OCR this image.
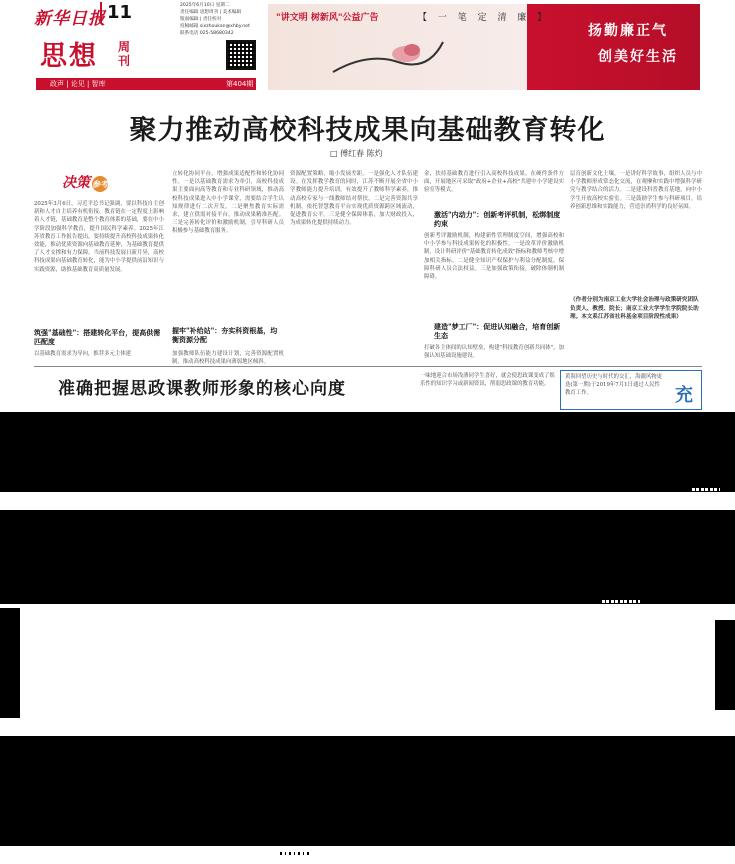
新华日报 11	2025年6月10日 星期二
责任编辑 思想周刊 | 美术编辑
版面编辑 | 责任校对
投稿邮箱 sixzhoukan@xhby.net
联系电话 025-58680342
思想 周刊
政声 | 论见 | 智库	第404期
"讲文明 树新风"公益广告	【 一 笔 定 清 廉 】
扬勤廉正气
创美好生活
聚力推动高校科技成果向基础教育转化
□ 傅红春 陈灼
决策 参考

2025年3月6日，习近平总书记强调，要以科技自主创新和人才自主培养有机衔接，教育链在一定程度上影响着人才链，基础教育是整个教育体系的基础，要在中小学阶段加强科学教育，提升国民科学素养。2025年江苏省教育工作报告提出，要持续提升高校科技成果转化效能，推动优质资源向基础教育延伸，为基础教育提供了人才支撑和有力保障。当前科技发展日新月异，高校科技成果向基础教育转化，能为中小学提供前沿知识与实践资源，助推基础教育高质量发展。

筑强"基础性"：搭建转化平台，提高供需匹配度
以基础教育需求为导向，推荐多元主体建

立转化协同平台，增强成果适配性和转化协同性。一是以基础教育需求为牵引，高校科技成果主要面向高等教育和专业科研领域，推动高校科技成果进入中小学课堂，需要结合学生认知规律进行二次开发。二是聚焦教育实际需求，建立供需对接平台，推动成果精准匹配。三是完善转化评价和激励机制，引导科研人员积极参与基础教育服务。

握牢"补给站"：夯实科资根基，均衡资源分配
加强教师队伍能力建设计划，完善资源配置机制，推动高校科技成果向薄弱地区倾斜。

资源配置策略，缩小发展差距。一是强化人才队伍建设。在发挥教学教育的同时，江苏不断开展全省中小学教师能力提升培训，有效提升了教师科学素养，推动高校专家与一线教师结对帮扶。二是完善资源共享机制，依托智慧教育平台实现优质资源跨区域流动，促进教育公平。三是健全保障体系，加大财政投入，为成果转化提供持续动力。

金，扶持基础教育进行引入高校科技成果。在硬件条件方面，开展地区可采取"政府+企业+高校"共建中小学建设实验室等模式。
激活"内动力"：创新考评机制，松绑制度约束
创新考评激励机制，构建新性管理制度空间，增强高校和中小学参与科技成果转化的积极性。一是改革评价激励机制，设计科研评价"基础教育转化成效"指标和教师考核中增加相关指标。二是健全知识产权保护与利益分配制度，保障科研人员合法权益。三是加强政策衔接，破除体制机制障碍。
建造"梦工厂"：促进认知融合，培育创新生态
打破各主体间的认知壁垒，构建"科技教育创新共同体"，加强认知基础设施建设。

层育创新文化土壤。一是讲好科学故事，组织人员与中小学教师形成常态化交流，在观摩和实践中增强科学研究与教学结合的活力。二是建设科普教育基地，向中小学生开放高校实验室。三是鼓励学生参与科研项目，培养创新思维和实践能力，营造崇尚科学的良好氛围。

（作者分别为南京工业大学社会治理与政策研究团队负责人、教授、院长；南京工业大学学生学院院长助理。本文系江苏省社科基金项目阶段性成果）
准确把握思政课教师形象的核心向度
一味地迎合市场浅薄同学生喜好，就会使思政课变成了娱乐性的知识学习或新闻资讯，削弱思政课的教育功能。
黄海回望历史与时代的交汇，海疆风物更迭(第一期)于2019年7月1日通过人民性教育工作。	充
